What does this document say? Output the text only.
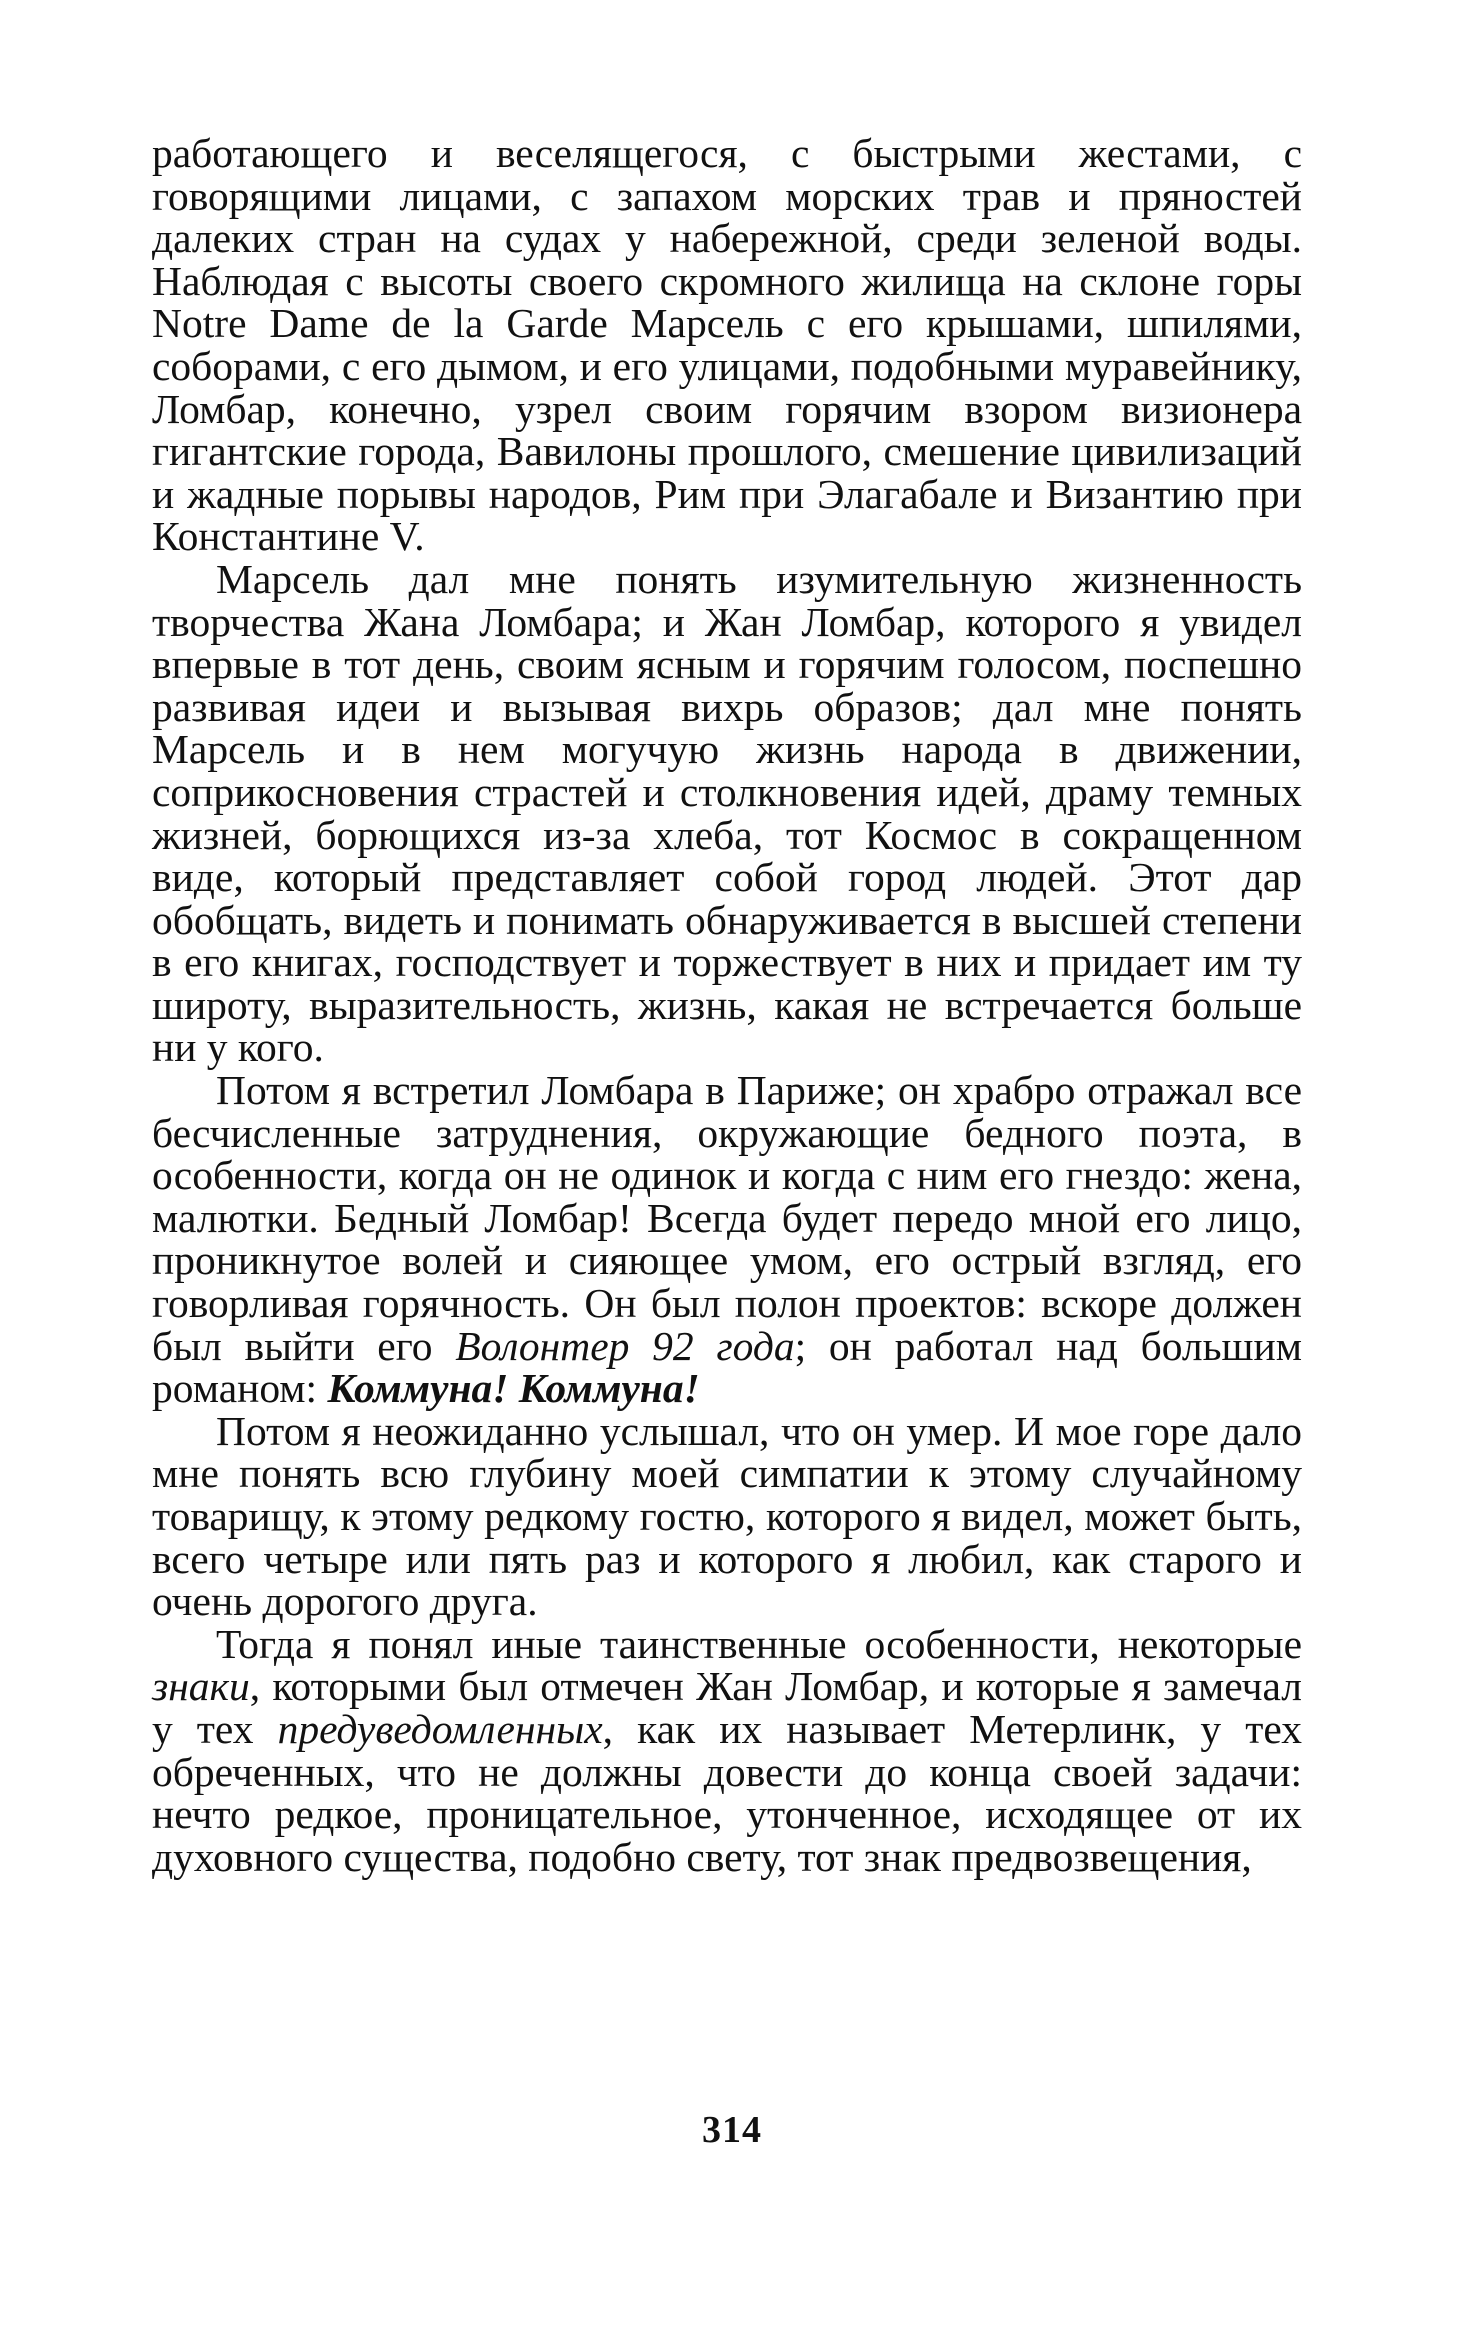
работающего и веселящегося, с быстрыми жестами, с говорящими лицами, с запахом морских трав и пряностей далеких стран на судах у набережной, среди зеленой воды. Наблюдая с высоты своего скромного жилища на склоне горы Notre Dame de la Garde Марсель с его крышами, шпилями, соборами, с его дымом, и его улицами, подобными муравейнику, Ломбар, конечно, узрел своим горячим взором визионера гигантские города, Вавилоны прошлого, смешение цивилизаций и жадные порывы народов, Рим при Элагабале и Византию при Константине V.

Марсель дал мне понять изумительную жизненность творчества Жана Ломбара; и Жан Ломбар, которого я увидел впервые в тот день, своим ясным и горячим голосом, поспешно развивая идеи и вызывая вихрь образов; дал мне понять Марсель и в нем могучую жизнь народа в движении, соприкосновения страстей и столкновения идей, драму темных жизней, борющихся из-за хлеба, тот Космос в сокращенном виде, который представляет собой город людей. Этот дар обобщать, видеть и понимать обнаруживается в высшей степени в его книгах, господствует и торжествует в них и придает им ту широту, выразительность, жизнь, какая не встречается больше ни у кого.

Потом я встретил Ломбара в Париже; он храбро отражал все бесчисленные затруднения, окружающие бедного поэта, в особенности, когда он не одинок и когда с ним его гнездо: жена, малютки. Бедный Ломбар! Всегда будет передо мной его лицо, проникнутое волей и сияющее умом, его острый взгляд, его говорливая горячность. Он был полон проектов: вскоре должен был выйти его Волонтер 92 года; он работал над большим романом: Коммуна! Коммуна!

Потом я неожиданно услышал, что он умер. И мое горе дало мне понять всю глубину моей симпатии к этому случайному товарищу, к этому редкому гостю, которого я видел, может быть, всего четыре или пять раз и которого я любил, как старого и очень дорогого друга.

Тогда я понял иные таинственные особенности, некоторые знаки, которыми был отмечен Жан Ломбар, и которые я замечал у тех предуведомленных, как их называет Метерлинк, у тех обреченных, что не должны довести до конца своей задачи: нечто редкое, проницательное, утонченное, исходящее от их духовного существа, подобно свету, тот знак предвозвещения,

314
